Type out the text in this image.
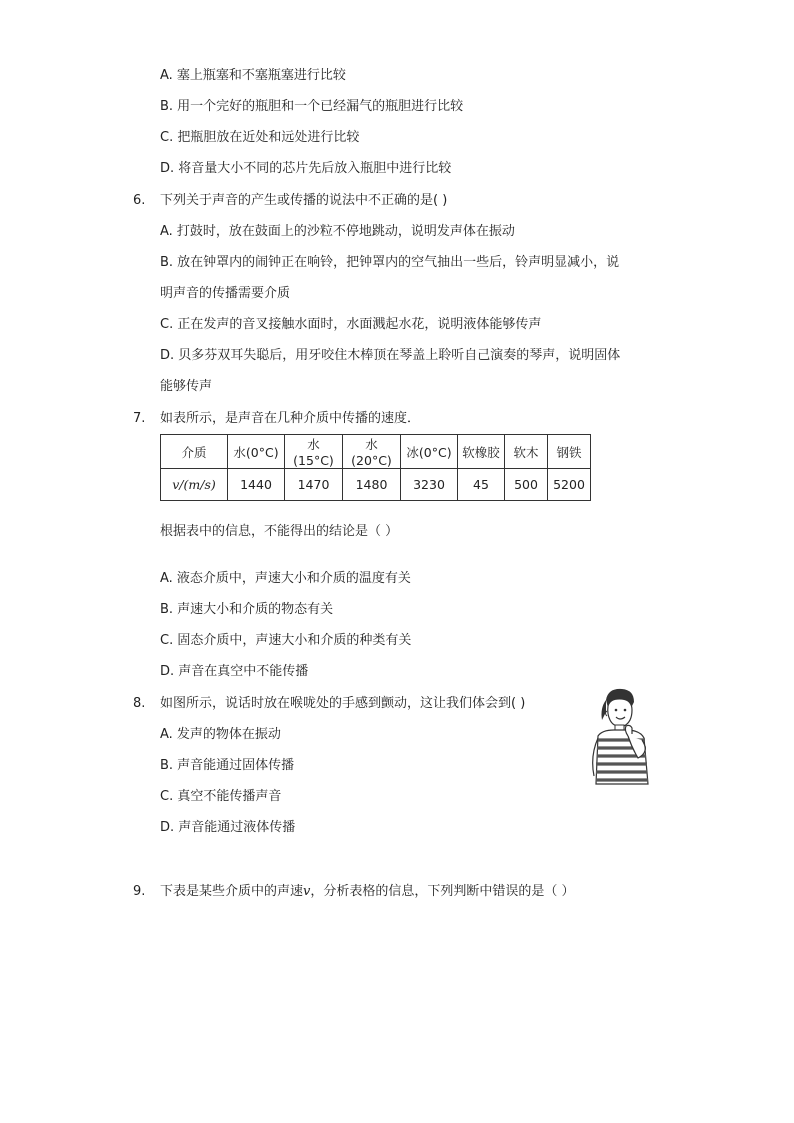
A. 塞上瓶塞和不塞瓶塞进行比较
B. 用一个完好的瓶胆和一个已经漏气的瓶胆进行比较
C. 把瓶胆放在近处和远处进行比较
D. 将音量大小不同的芯片先后放入瓶胆中进行比较
6. 下列关于声音的产生或传播的说法中不正确的是( )
A. 打鼓时，放在鼓面上的沙粒不停地跳动，说明发声体在振动
B. 放在钟罩内的闹钟正在响铃，把钟罩内的空气抽出一些后，铃声明显减小，说
明声音的传播需要介质
C. 正在发声的音叉接触水面时，水面溅起水花，说明液体能够传声
D. 贝多芬双耳失聪后，用牙咬住木棒顶在琴盖上聆听自己演奏的琴声，说明固体
能够传声
7. 如表所示，是声音在几种介质中传播的速度．
介质	水(0°C)	水(15°C)	水(20°C)	冰(0°C)	软橡胶	软木	钢铁
v/(m/s)	1440	1470	1480	3230	45	500	5200
根据表中的信息，不能得出的结论是（ ）
A. 液态介质中，声速大小和介质的温度有关
B. 声速大小和介质的物态有关
C. 固态介质中，声速大小和介质的种类有关
D. 声音在真空中不能传播
8. 如图所示，说话时放在喉咙处的手感到颤动，这让我们体会到( )
A. 发声的物体在振动
B. 声音能通过固体传播
C. 真空不能传播声音
D. 声音能通过液体传播
9. 下表是某些介质中的声速v，分析表格的信息，下列判断中错误的是（ ）
